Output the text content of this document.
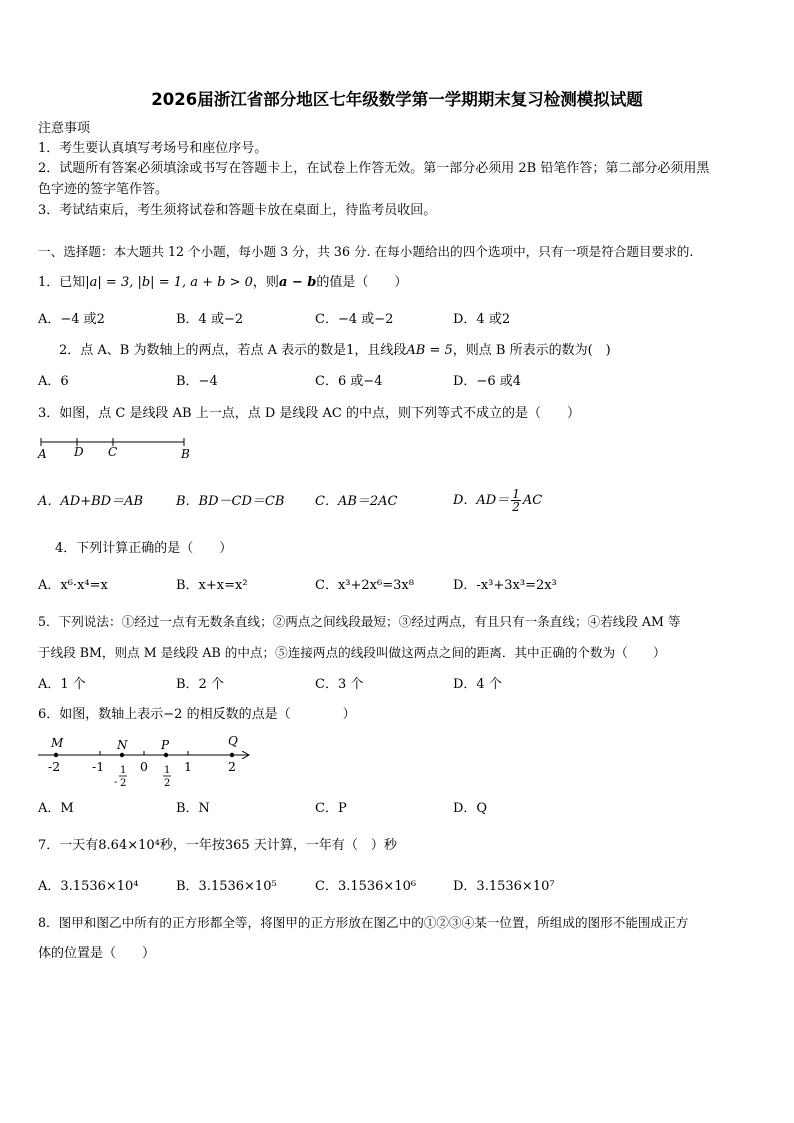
2026届浙江省部分地区七年级数学第一学期期末复习检测模拟试题
注意事项
1．考生要认真填写考场号和座位序号。
2．试题所有答案必须填涂或书写在答题卡上，在试卷上作答无效。第一部分必须用 2B 铅笔作答；第二部分必须用黑
色字迹的签字笔作答。
3．考试结束后，考生须将试卷和答题卡放在桌面上，待监考员收回。
一、选择题：本大题共 12 个小题，每小题 3 分，共 36 分. 在每小题给出的四个选项中，只有一项是符合题目要求的.
1．已知|a| = 3, |b| = 1, a + b > 0，则a − b的值是（　　）
A．−4 或2	B．4 或−2	C．−4 或−2	D．4 或2
2．点 A、B 为数轴上的两点，若点 A 表示的数是1，且线段AB = 5，则点 B 所表示的数为(　)
A．6	B．−4	C．6 或−4	D．−6 或4
3．如图，点 C 是线段 AB 上一点，点 D 是线段 AC 的中点，则下列等式不成立的是（　　）
A D C	B
A．AD+BD＝AB	B．BD－CD＝CB C．AB＝2AC	D．$AD= \frac{1}{2}$ AC
4．下列计算正确的是（　　）
A．x⁶·x⁴=x	B．x+x=x²	C．x³+2x⁶=3x⁸	D．-x³+3x³=2x³
5．下列说法：①经过一点有无数条直线；②两点之间线段最短；③经过两点，有且只有一条直线；④若线段 AM 等
于线段 BM，则点 M 是线段 AB 的中点；⑤连接两点的线段叫做这两点之间的距离．其中正确的个数为（　　）
A．1 个	B．2 个	C．3 个	D．4 个
6．如图，数轴上表示−2 的相反数的点是（　　　　）
M	N	P	Q
-2	-1	0	1	2
-
1
2
1
2
A．M	B．N	C．P	D．Q
7．一天有8.64×10⁴秒，一年按365 天计算，一年有（　）秒
A．3.1536×10⁴	B．3.1536×10⁵	C．3.1536×10⁶	D．3.1536×10⁷
8．图甲和图乙中所有的正方形都全等，将图甲的正方形放在图乙中的①②③④某一位置，所组成的图形不能围成正方
体的位置是（　　）
